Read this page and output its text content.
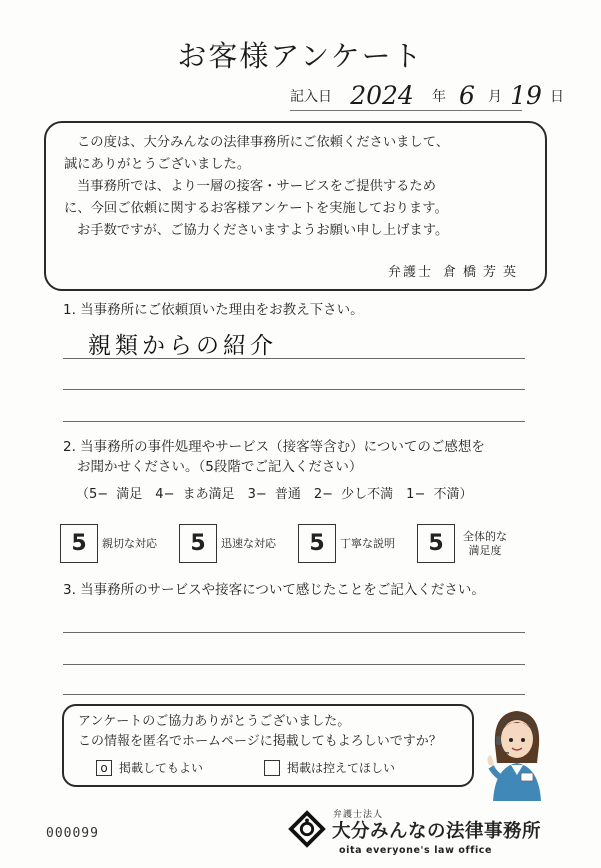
お客様アンケート
記入日 2024	年 6 月 19 日

この度は、大分みんなの法律事務所にご依頼くださいまして、

誠にありがとうございました。

当事務所では、より一層の接客・サービスをご提供するため

に、今回ご依頼に関するお客様アンケートを実施しております。

お手数ですが、ご協力くださいますようお願い申し上げます。

弁護士 倉橋芳英
1. 当事務所にご依頼頂いた理由をお教え下さい。
親類からの紹介
2. 当事務所の事件処理やサービス（接客等含む）についてのご感想を
お聞かせください。（5段階でご記入ください）
（5− 満足　4− まあ満足　3− 普通　2− 少し不満　1− 不満）
5	親切な対応	5	迅速な対応	5	丁寧な説明	5	全体的な
満足度
3. 当事務所のサービスや接客について感じたことをご記入ください。
アンケートのご協力ありがとうございました。
この情報を匿名でホームページに掲載してもよろしいですか？
o 掲載してもよい	掲載は控えてほしい
000099
弁護士法人
大分みんなの法律事務所
oita everyone's law office
